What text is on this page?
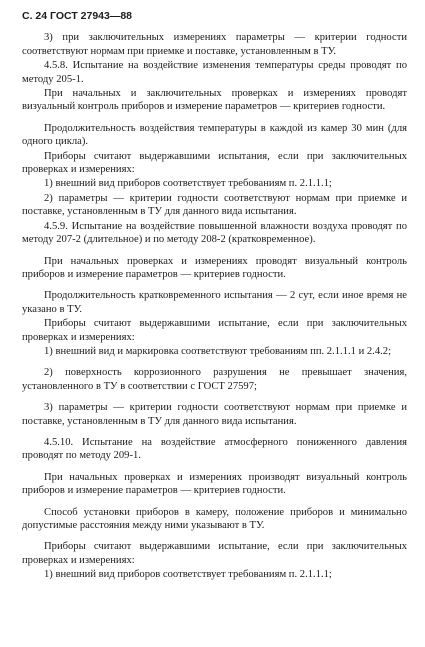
С. 24 ГОСТ 27943—88
3) при заключительных измерениях параметры — критерии годности соответствуют нормам при приемке и поставке, установленным в ТУ.
4.5.8. Испытание на воздействие изменения температуры среды проводят по методу 205-1.
При начальных и заключительных проверках и измерениях проводят визуальный контроль приборов и измерение параметров — критериев годности.
Продолжительность воздействия температуры в каждой из камер 30 мин (для одного цикла).
Приборы считают выдержавшими испытания, если при заключительных проверках и измерениях:
1) внешний вид приборов соответствует требованиям п. 2.1.1.1;
2) параметры — критерии годности соответствуют нормам при приемке и поставке, установленным в ТУ для данного вида испытания.
4.5.9. Испытание на воздействие повышенной влажности воздуха проводят по методу 207-2 (длительное) и по методу 208-2 (кратковременное).
При начальных проверках и измерениях проводят визуальный контроль приборов и измерение параметров — критериев годности.
Продолжительность кратковременного испытания — 2 сут, если иное время не указано в ТУ.
Приборы считают выдержавшими испытание, если при заключительных проверках и измерениях:
1) внешний вид и маркировка соответствуют требованиям пп. 2.1.1.1 и 2.4.2;
2) поверхность коррозионного разрушения не превышает значения, установленного в ТУ в соответствии с ГОСТ 27597;
3) параметры — критерии годности соответствуют нормам при приемке и поставке, установленным в ТУ для данного вида испытания.
4.5.10. Испытание на воздействие атмосферного пониженного давления проводят по методу 209-1.
При начальных проверках и измерениях производят визуальный контроль приборов и измерение параметров — критериев годности.
Способ установки приборов в камеру, положение приборов и минимально допустимые расстояния между ними указывают в ТУ.
Приборы считают выдержавшими испытание, если при заключительных проверках и измерениях:
1) внешний вид приборов соответствует требованиям п. 2.1.1.1;
